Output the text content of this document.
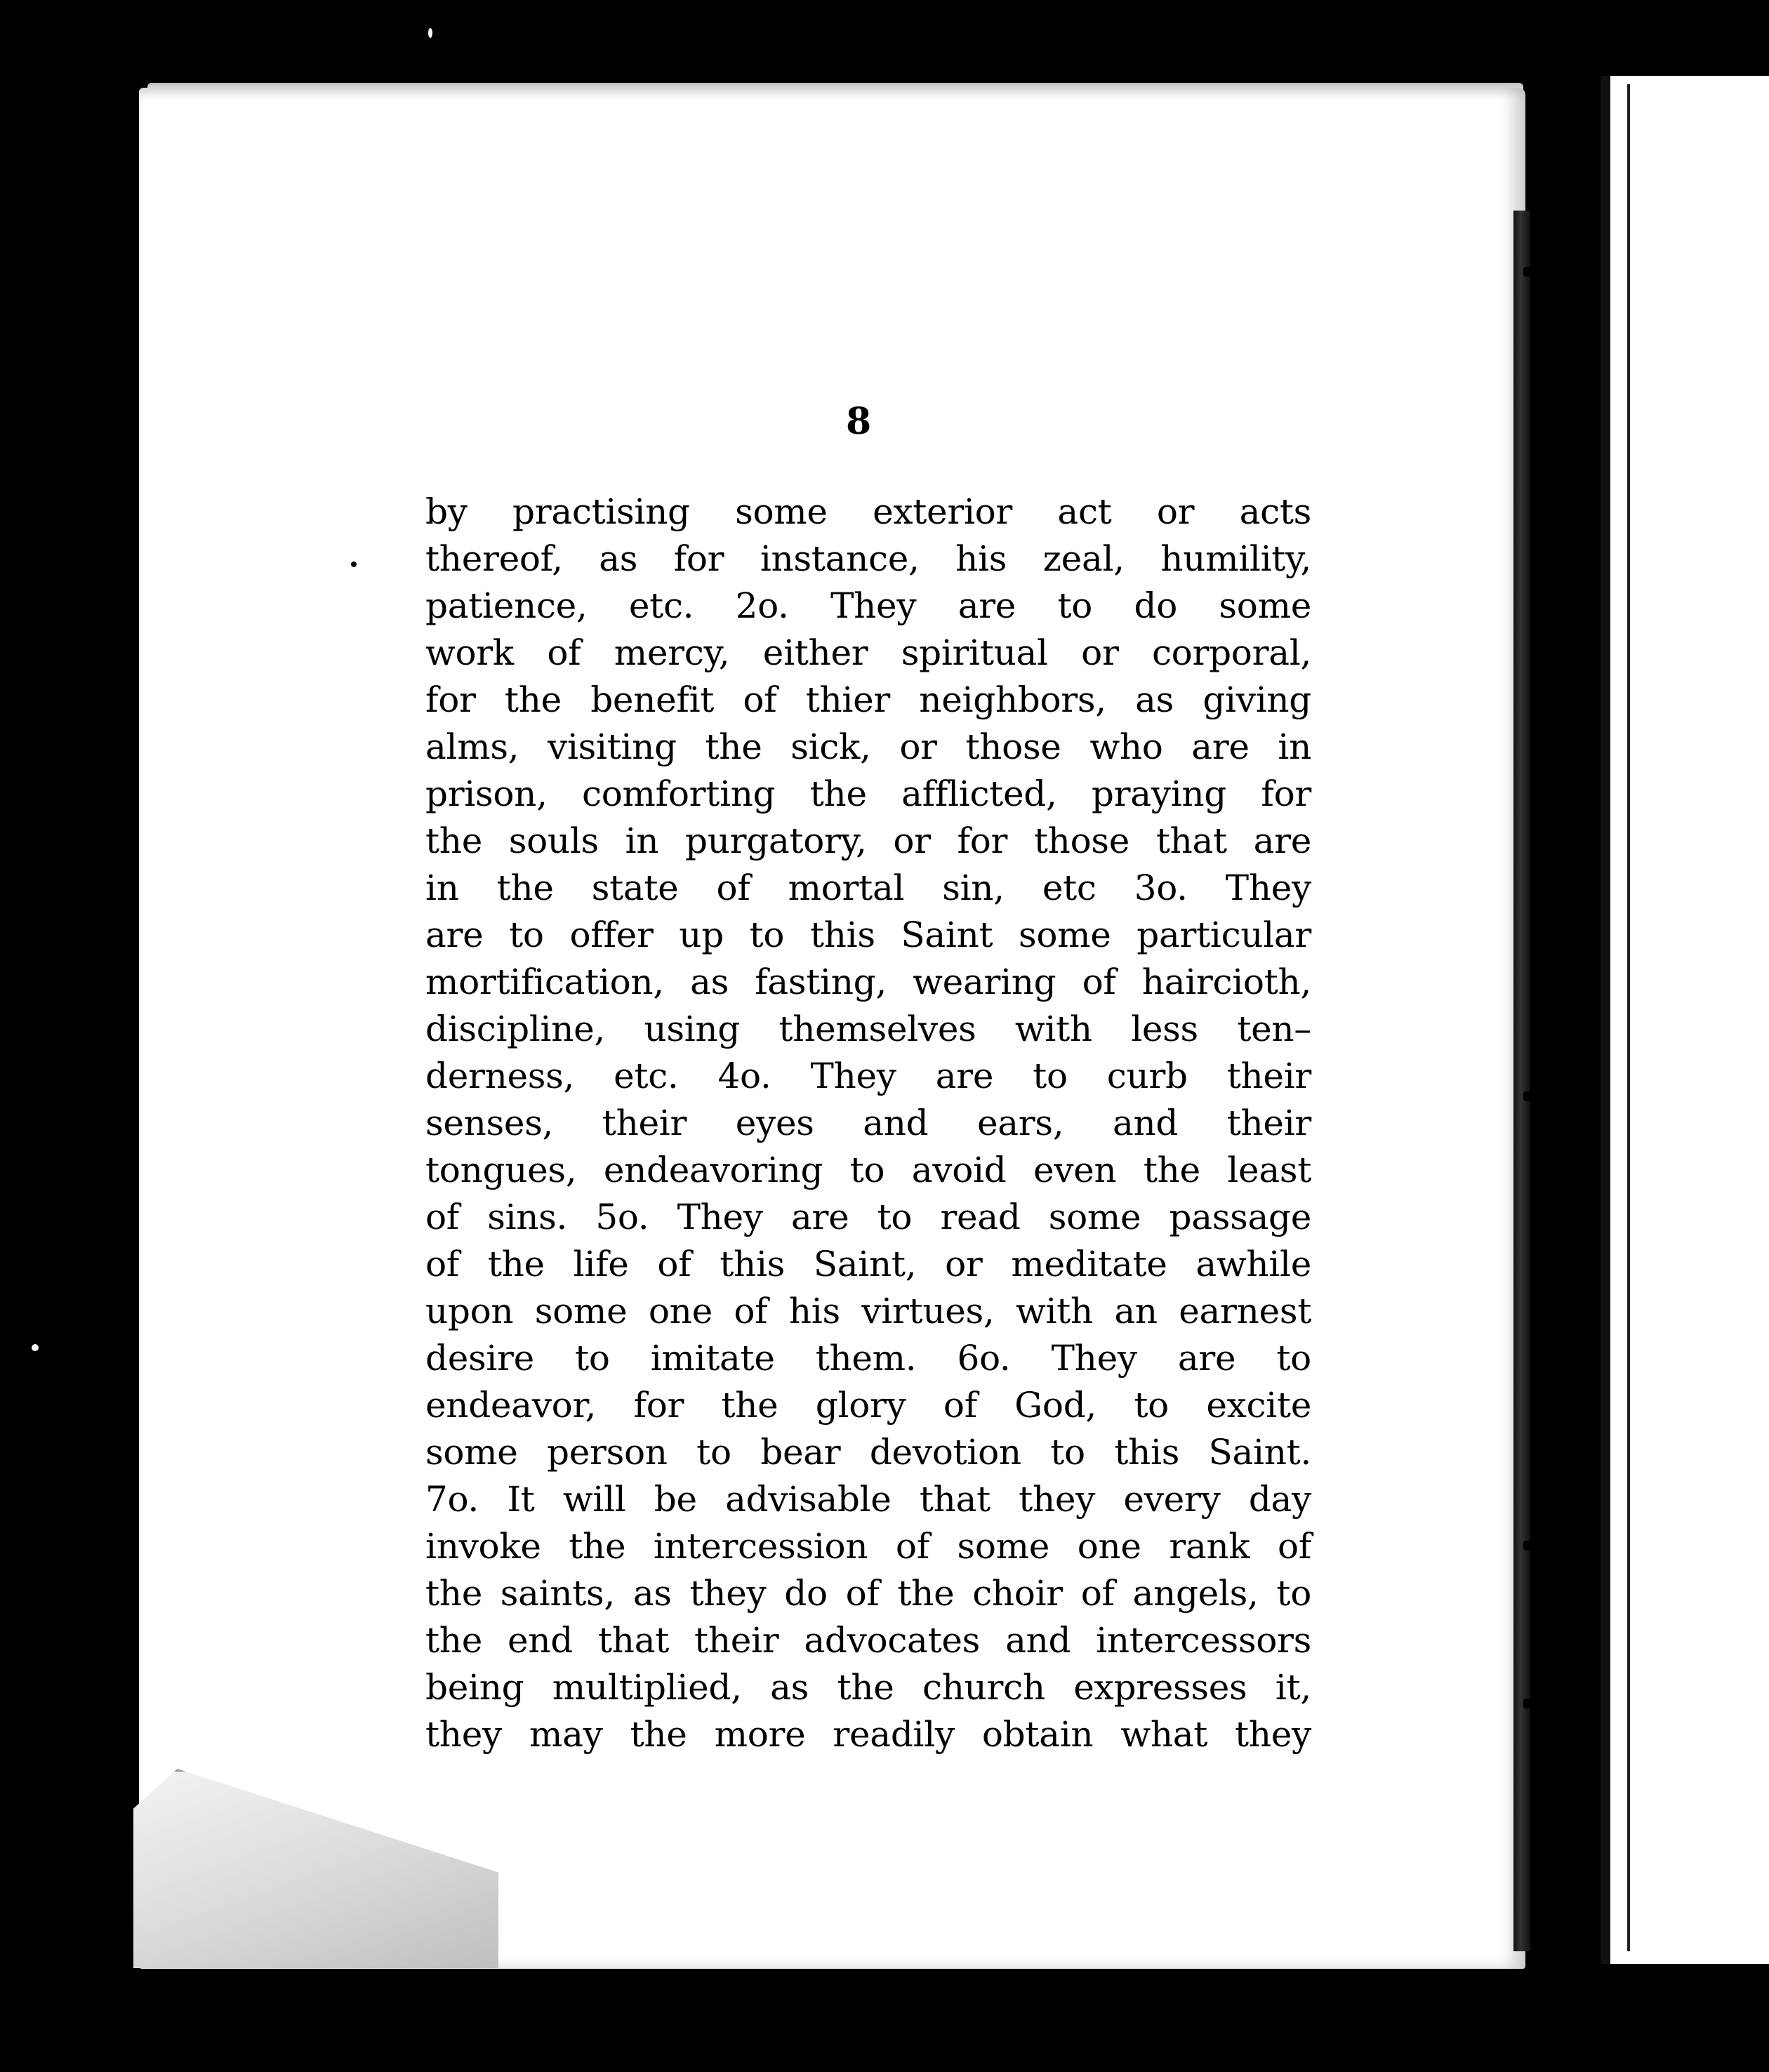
8
by practising some exterior act or acts
thereof, as for instance, his zeal, humility,
patience, etc. 2o. They are to do some
work of mercy, either spiritual or corporal,
for the benefit of thier neighbors, as giving
alms, visiting the sick, or those who are in
prison, comforting the afflicted, praying for
the souls in purgatory, or for those that are
in the state of mortal sin, etc 3o. They
are to offer up to this Saint some particular
mortification, as fasting, wearing of haircioth,
discipline, using themselves with less ten–
derness, etc. 4o. They are to curb their
senses, their eyes and ears, and their
tongues, endeavoring to avoid even the least
of sins. 5o. They are to read some passage
of the life of this Saint, or meditate awhile
upon some one of his virtues, with an earnest
desire to imitate them. 6o. They are to
endeavor, for the glory of God, to excite
some person to bear devotion to this Saint.
7o. It will be advisable that they every day
invoke the intercession of some one rank of
the saints, as they do of the choir of angels, to
the end that their advocates and intercessors
being multiplied, as the church expresses it,
they may the more readily obtain what they
